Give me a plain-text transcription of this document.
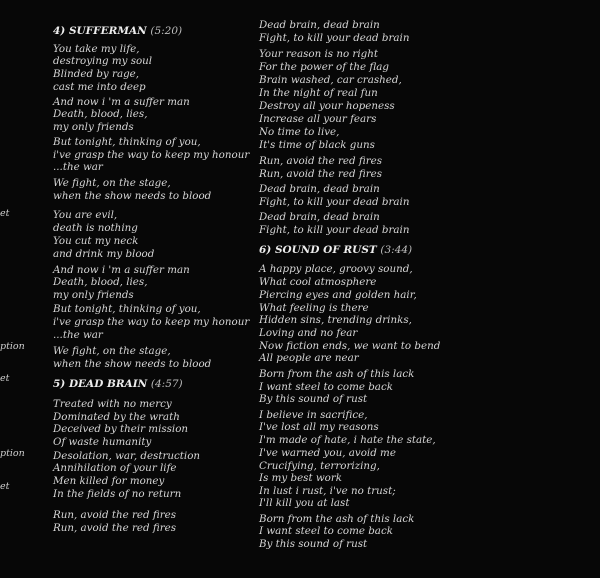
et
ption
et
ption
et
4) SUFFERMAN (5:20)
You take my life,
destroying my soul
Blinded by rage,
cast me into deep
And now i 'm a suffer man
Death, blood, lies,
my only friends
But tonight, thinking of you,
i've grasp the way to keep my honour
...the war
We fight, on the stage,
when the show needs to blood
You are evil,
death is nothing
You cut my neck
and drink my blood
And now i 'm a suffer man
Death, blood, lies,
my only friends
But tonight, thinking of you,
i've grasp the way to keep my honour
...the war
We fight, on the stage,
when the show needs to blood
5) DEAD BRAIN (4:57)
Treated with no mercy
Dominated by the wrath
Deceived by their mission
Of waste humanity
Desolation, war, destruction
Annihilation of your life
Men killed for money
In the fields of no return
Run, avoid the red fires
Run, avoid the red fires
Dead brain, dead brain
Fight, to kill your dead brain
Your reason is no right
For the power of the flag
Brain washed, car crashed,
In the night of real fun
Destroy all your hopeness
Increase all your fears
No time to live,
It's time of black guns
Run, avoid the red fires
Run, avoid the red fires
Dead brain, dead brain
Fight, to kill your dead brain
Dead brain, dead brain
Fight, to kill your dead brain
6) SOUND OF RUST (3:44)
A happy place, groovy sound,
What cool atmosphere
Piercing eyes and golden hair,
What feeling is there
Hidden sins, trending drinks,
Loving and no fear
Now fiction ends, we want to bend
All people are near
Born from the ash of this lack
I want steel to come back
By this sound of rust
I believe in sacrifice,
I've lost all my reasons
I'm made of hate, i hate the state,
I've warned you, avoid me
Crucifying, terrorizing,
Is my best work
In lust i rust, i've no trust;
I'll kill you at last
Born from the ash of this lack
I want steel to come back
By this sound of rust
